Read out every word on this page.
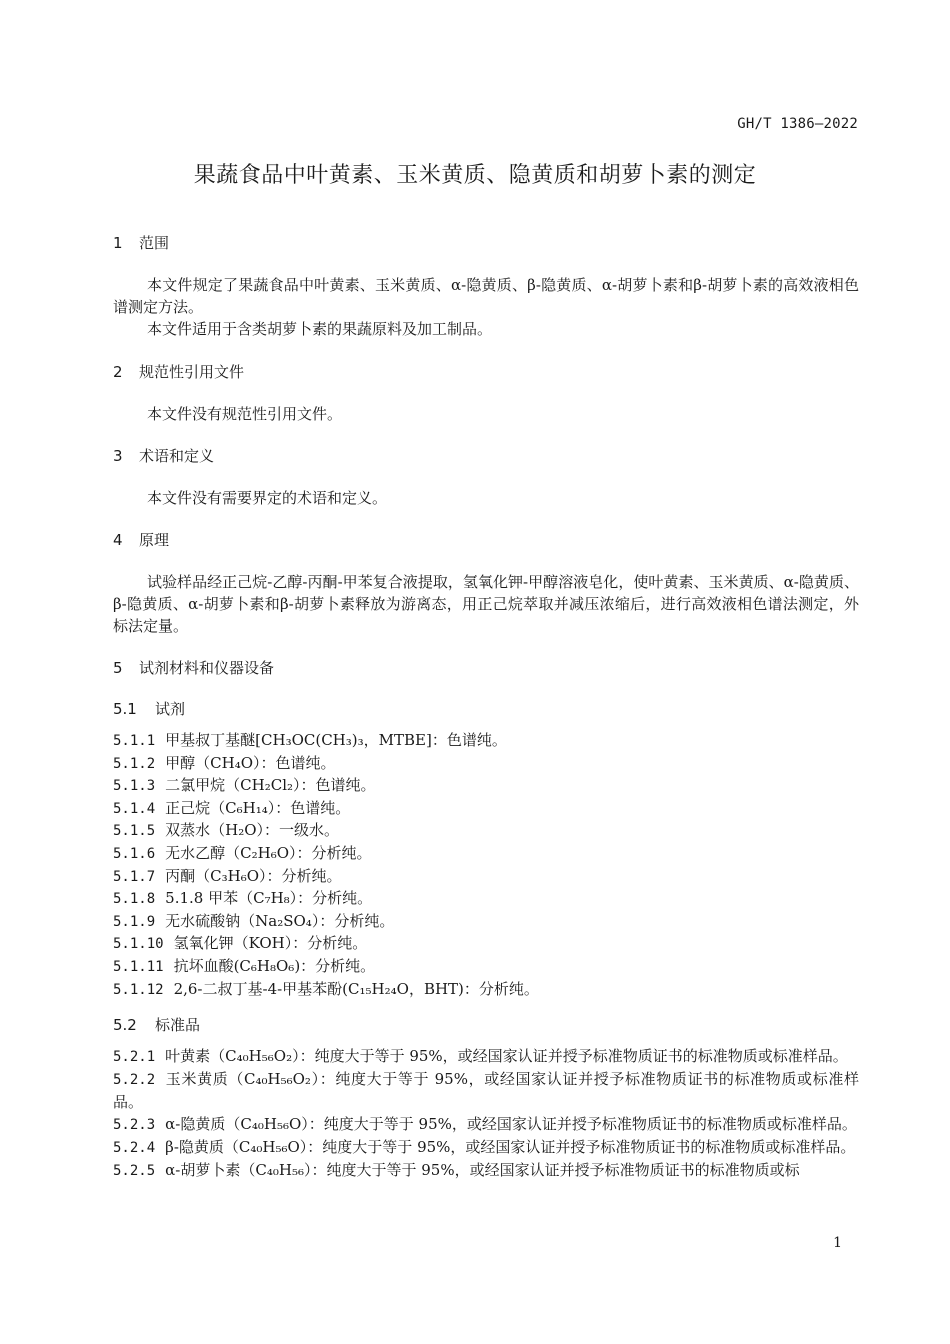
GH/T 1386—2022
果蔬食品中叶黄素、玉米黄质、隐黄质和胡萝卜素的测定
1	范围
本文件规定了果蔬食品中叶黄素、玉米黄质、α-隐黄质、β-隐黄质、α-胡萝卜素和β-胡萝卜素的高效液相色谱测定方法。
本文件适用于含类胡萝卜素的果蔬原料及加工制品。
2	规范性引用文件
本文件没有规范性引用文件。
3	术语和定义
本文件没有需要界定的术语和定义。
4	原理
试验样品经正己烷-乙醇-丙酮-甲苯复合液提取，氢氧化钾-甲醇溶液皂化，使叶黄素、玉米黄质、α-隐黄质、β-隐黄质、α-胡萝卜素和β-胡萝卜素释放为游离态，用正己烷萃取并减压浓缩后，进行高效液相色谱法测定，外标法定量。
5	试剂材料和仪器设备
5.1	试剂
5.1.1 甲基叔丁基醚[CH₃OC(CH₃)₃，MTBE]：色谱纯。
5.1.2 甲醇（CH₄O）：色谱纯。
5.1.3 二氯甲烷（CH₂Cl₂）：色谱纯。
5.1.4 正己烷（C₆H₁₄）：色谱纯。
5.1.5 双蒸水（H₂O）：一级水。
5.1.6 无水乙醇（C₂H₆O）：分析纯。
5.1.7 丙酮（C₃H₆O）：分析纯。
5.1.8 5.1.8 甲苯（C₇H₈）：分析纯。
5.1.9 无水硫酸钠（Na₂SO₄）：分析纯。
5.1.10 氢氧化钾（KOH）：分析纯。
5.1.11 抗坏血酸(C₆H₈O₆)：分析纯。
5.1.12 2,6-二叔丁基-4-甲基苯酚(C₁₅H₂₄O，BHT)：分析纯。
5.2	标准品
5.2.1 叶黄素（C₄₀H₅₆O₂）：纯度大于等于 95%，或经国家认证并授予标准物质证书的标准物质或标准样品。
5.2.2 玉米黄质（C₄₀H₅₆O₂）：纯度大于等于 95%，或经国家认证并授予标准物质证书的标准物质或标准样品。
5.2.3 α-隐黄质（C₄₀H₅₆O）：纯度大于等于 95%，或经国家认证并授予标准物质证书的标准物质或标准样品。
5.2.4 β-隐黄质（C₄₀H₅₆O）：纯度大于等于 95%，或经国家认证并授予标准物质证书的标准物质或标准样品。
5.2.5 α-胡萝卜素（C₄₀H₅₆）：纯度大于等于 95%，或经国家认证并授予标准物质证书的标准物质或标
1
